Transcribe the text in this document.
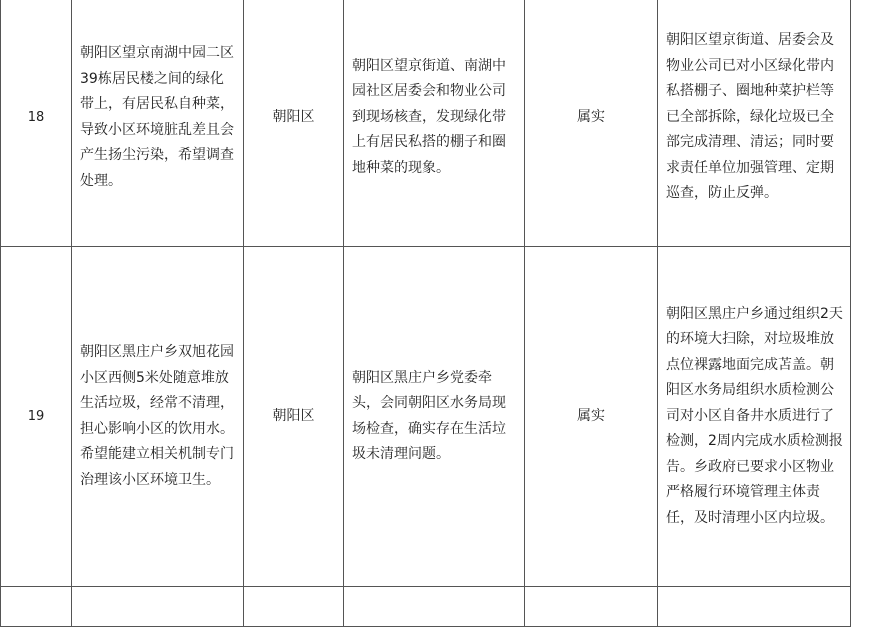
18	朝阳区望京南湖中园二区39栋居民楼之间的绿化带上，有居民私自种菜，导致小区环境脏乱差且会产生扬尘污染，希望调查处理。	朝阳区	朝阳区望京街道、南湖中园社区居委会和物业公司到现场核查，发现绿化带上有居民私搭的棚子和圈地种菜的现象。	属实	朝阳区望京街道、居委会及物业公司已对小区绿化带内私搭棚子、圈地种菜护栏等已全部拆除，绿化垃圾已全部完成清理、清运；同时要求责任单位加强管理、定期巡查，防止反弹。
19	朝阳区黑庄户乡双旭花园小区西侧5米处随意堆放生活垃圾，经常不清理，担心影响小区的饮用水。希望能建立相关机制专门治理该小区环境卫生。	朝阳区	朝阳区黑庄户乡党委牵头，会同朝阳区水务局现场检查，确实存在生活垃圾未清理问题。	属实	朝阳区黑庄户乡通过组织2天的环境大扫除，对垃圾堆放点位裸露地面完成苫盖。朝阳区水务局组织水质检测公司对小区自备井水质进行了检测，2周内完成水质检测报告。乡政府已要求小区物业严格履行环境管理主体责任，及时清理小区内垃圾。
